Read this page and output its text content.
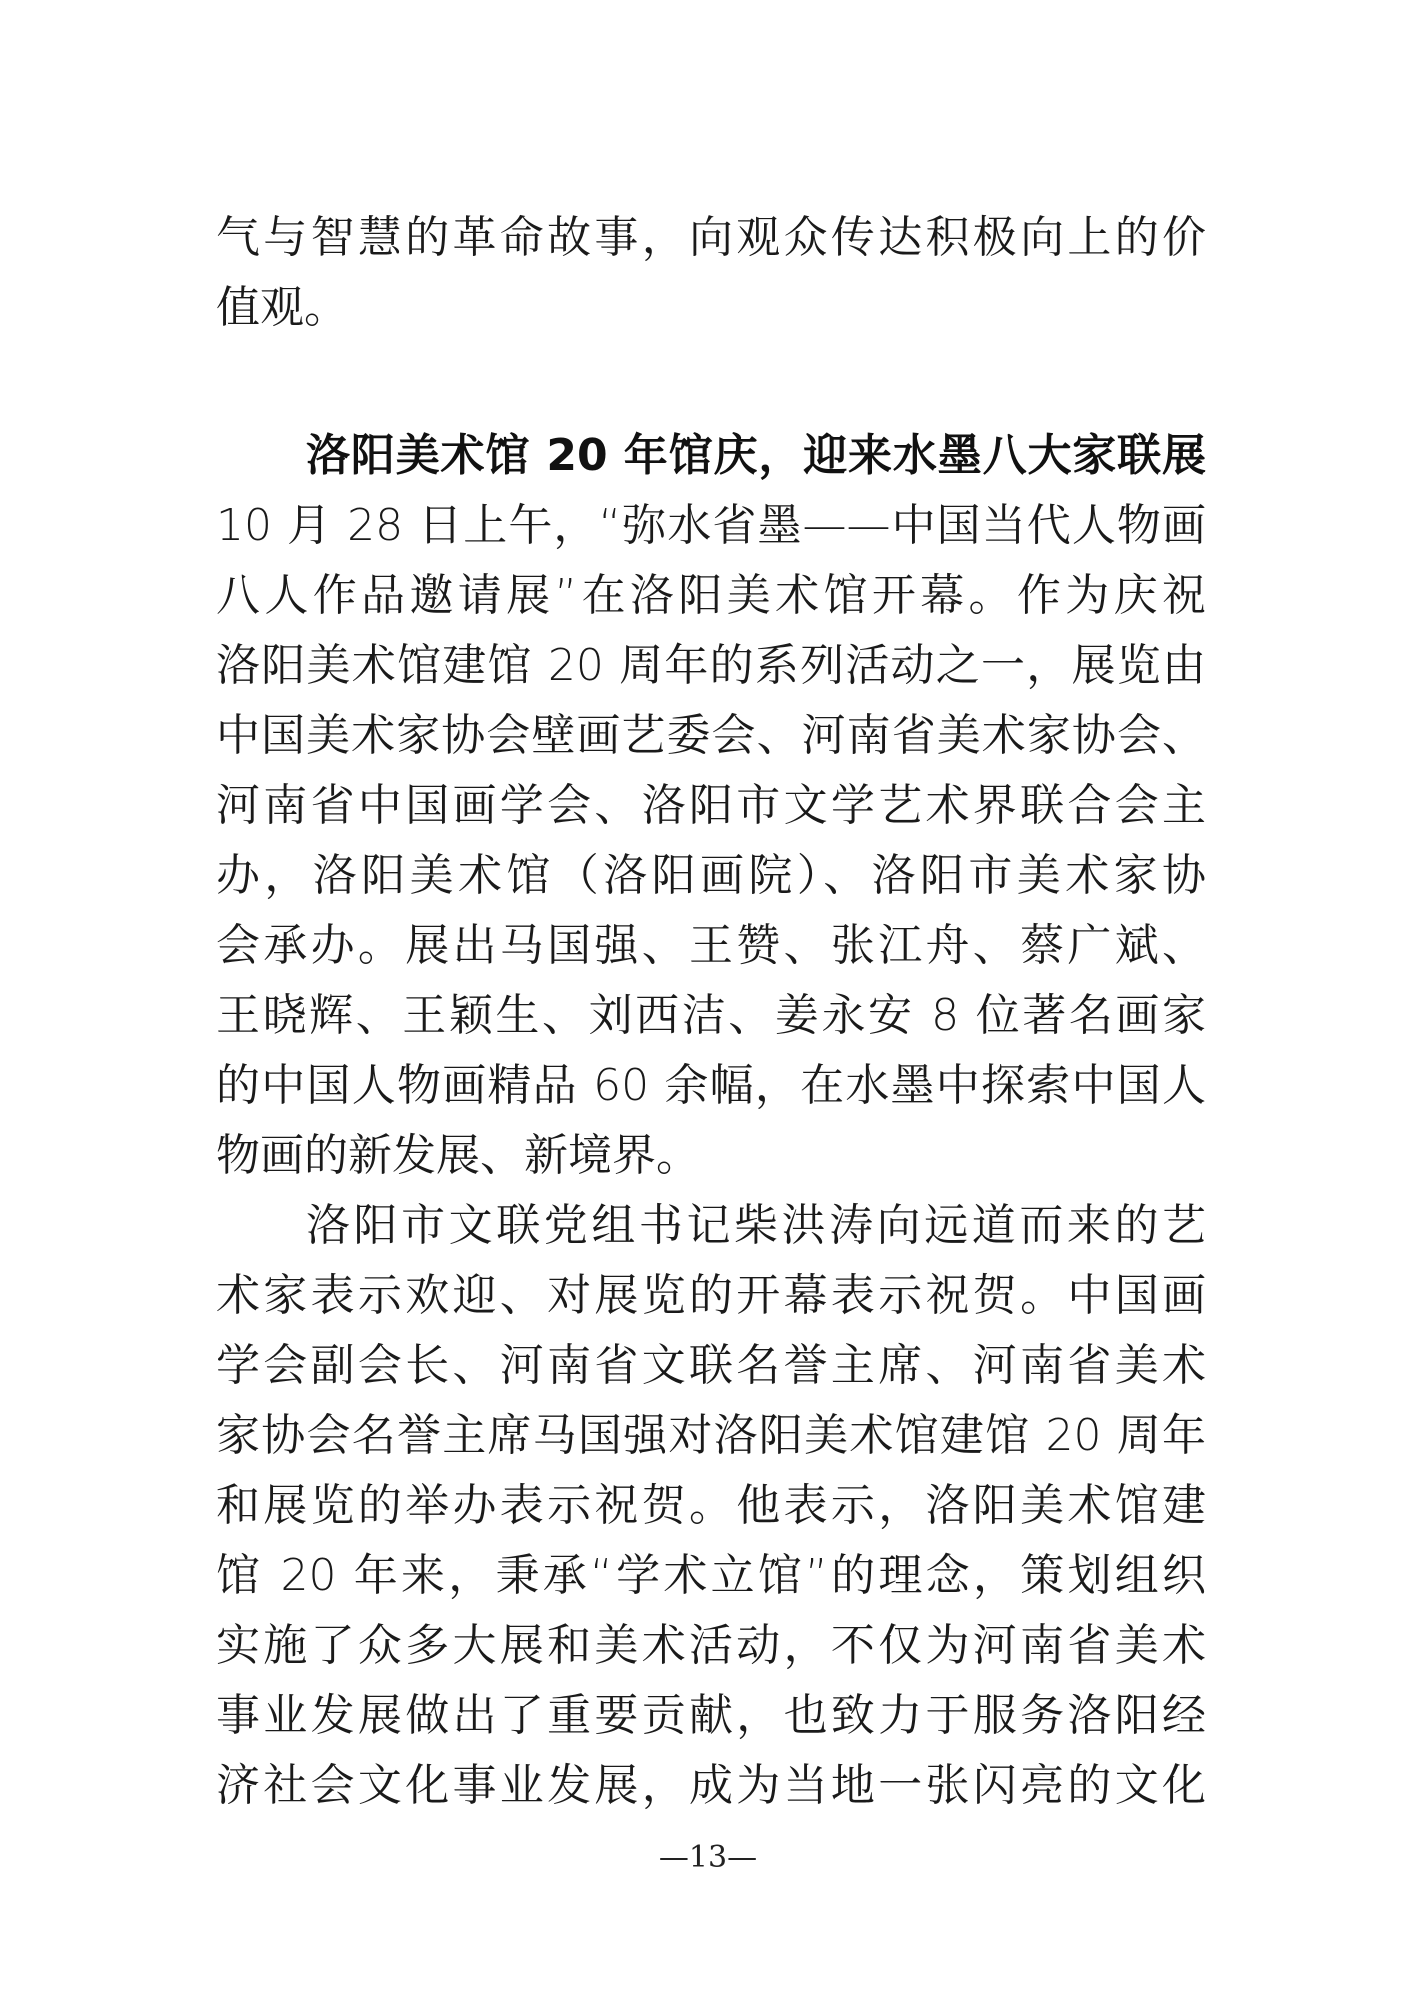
气与智慧的革命故事，向观众传达积极向上的价
值观。
洛阳美术馆 20 年馆庆，迎来水墨八大家联展
10 月 28 日上午，“弥水省墨——中国当代人物画
八人作品邀请展”在洛阳美术馆开幕。作为庆祝
洛阳美术馆建馆 20 周年的系列活动之一，展览由
中国美术家协会壁画艺委会、河南省美术家协会、
河南省中国画学会、洛阳市文学艺术界联合会主
办，洛阳美术馆（洛阳画院）、洛阳市美术家协
会承办。展出马国强、王赞、张江舟、蔡广斌、
王晓辉、王颖生、刘西洁、姜永安 8 位著名画家
的中国人物画精品 60 余幅，在水墨中探索中国人
物画的新发展、新境界。
洛阳市文联党组书记柴洪涛向远道而来的艺
术家表示欢迎、对展览的开幕表示祝贺。中国画
学会副会长、河南省文联名誉主席、河南省美术
家协会名誉主席马国强对洛阳美术馆建馆 20 周年
和展览的举办表示祝贺。他表示，洛阳美术馆建
馆 20 年来，秉承“学术立馆”的理念，策划组织
实施了众多大展和美术活动，不仅为河南省美术
事业发展做出了重要贡献，也致力于服务洛阳经
济社会文化事业发展，成为当地一张闪亮的文化
—13—
